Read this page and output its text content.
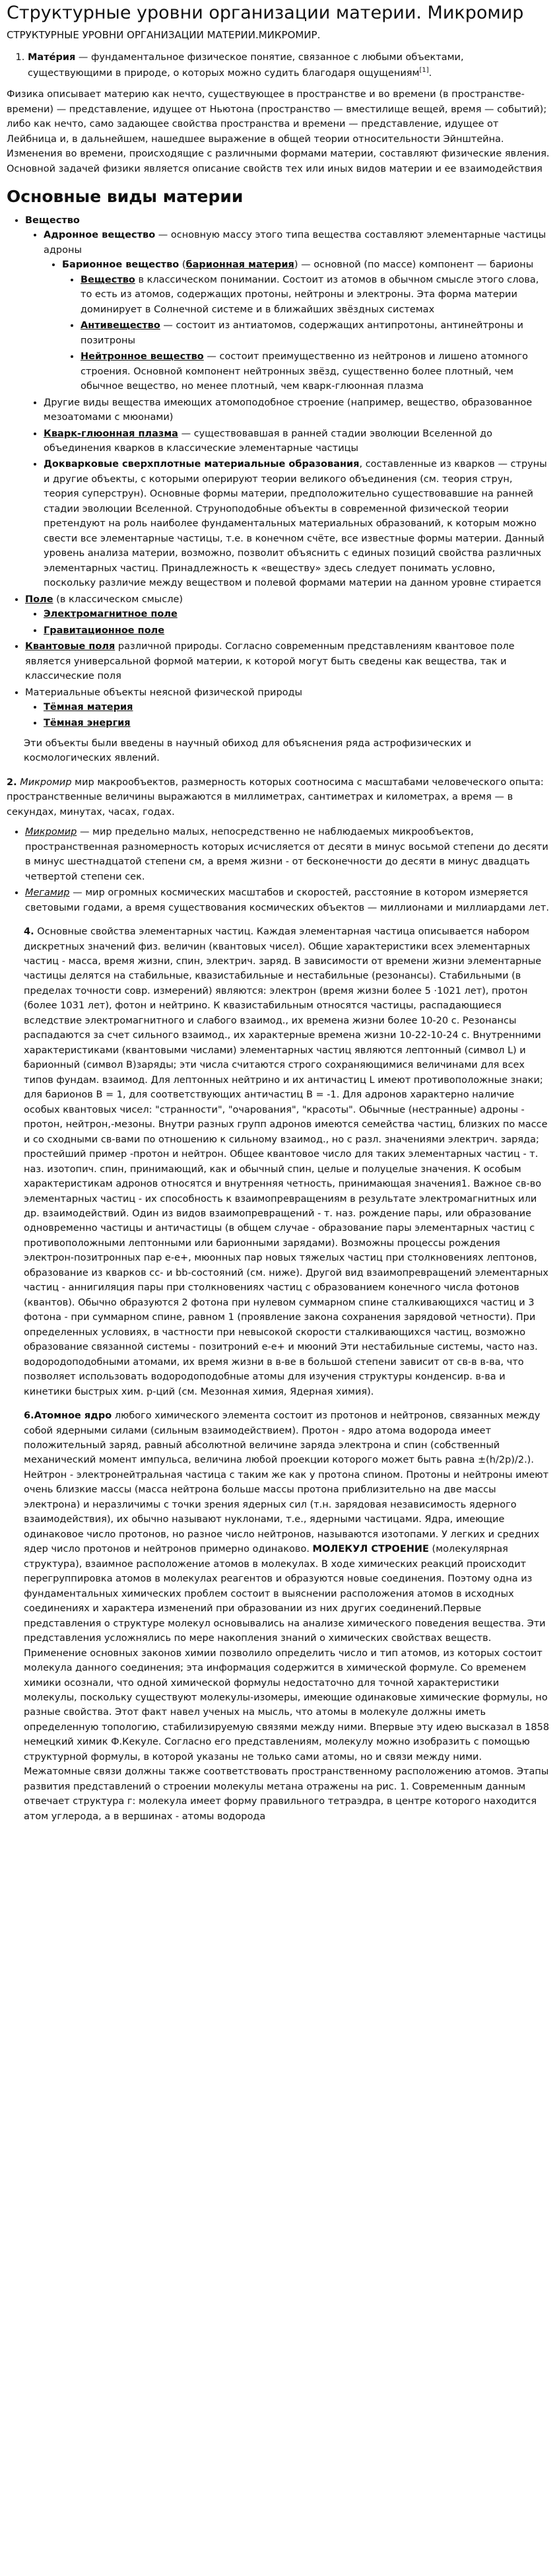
Структурные уровни организации материи. Микромир
СТРУКТУРНЫЕ УРОВНИ ОРГАНИЗАЦИИ МАТЕРИИ.МИКРОМИР.
1. Мате́рия — фундаментальное физическое понятие, связанное с любыми объектами, существующими в природе, о которых можно судить благодаря ощущениям[1].

Физика описывает материю как нечто, существующее в пространстве и во времени (в пространстве-времени) — представление, идущее от Ньютона (пространство — вместилище вещей, время — событий); либо как нечто, само задающее свойства пространства и времени — представление, идущее от Лейбница и, в дальнейшем, нашедшее выражение в общей теории относительности Эйнштейна. Изменения во времени, происходящие с различными формами материи, составляют физические явления. Основной задачей физики является описание свойств тех или иных видов материи и ее взаимодействия

Основные виды материи
• Вещество
• Адронное вещество — основную массу этого типа вещества составляют элементарные частицы адроны
• Барионное вещество (барионная материя) — основной (по массе) компонент — барионы
• Вещество в классическом понимании. Состоит из атомов в обычном смысле этого слова, то есть из атомов, содержащих протоны, нейтроны и электроны. Эта форма материи доминирует в Солнечной системе и в ближайших звёздных системах
• Антивещество — состоит из антиатомов, содержащих антипротоны, антинейтроны и позитроны
• Нейтронное вещество — состоит преимущественно из нейтронов и лишено атомного строения. Основной компонент нейтронных звёзд, существенно более плотный, чем обычное вещество, но менее плотный, чем кварк-глюонная плазма
• Другие виды вещества имеющих атомоподобное строение (например, вещество, образованное мезоатомами с мюонами)
• Кварк-глюонная плазма — существовавшая в ранней стадии эволюции Вселенной до объединения кварков в классические элементарные частицы
• Докварковые сверхплотные материальные образования, составленные из кварков — струны и другие объекты, с которыми оперируют теории великого объединения (см. теория струн, теория суперструн). Основные формы материи, предположительно существовавшие на ранней стадии эволюции Вселенной. Струноподобные объекты в современной физической теории претендуют на роль наиболее фундаментальных материальных образований, к которым можно свести все элементарные частицы, т.е. в конечном счёте, все известные формы материи. Данный уровень анализа материи, возможно, позволит объяснить с единых позиций свойства различных элементарных частиц. Принадлежность к «веществу» здесь следует понимать условно, поскольку различие между веществом и полевой формами материи на данном уровне стирается
• Поле (в классическом смысле)
• Электромагнитное поле
• Гравитационное поле
• Квантовые поля различной природы. Согласно современным представлениям квантовое поле является универсальной формой материи, к которой могут быть сведены как вещества, так и классические поля
• Материальные объекты неясной физической природы
• Тёмная материя
• Тёмная энергия

Эти объекты были введены в научный обиход для объяснения ряда астрофизических и космологических явлений.

2. Микромир мир макрообъектов, размерность которых соотносима с масштабами человеческого опыта: пространственные величины выражаются в миллиметрах, сантиметрах и километрах, а время — в секундах, минутах, часах, годах.

• Микромир — мир предельно малых, непосредственно не наблюдаемых микрообъектов, пространственная разномерность которых исчисляется от десяти в минус восьмой степени до десяти в минус шестнадцатой степени см, а время жизни - от бесконечности до десяти в минус двадцать четвертой степени сек.
• Мегамир — мир огромных космических масштабов и скоростей, расстояние в котором измеряется световыми годами, а время существования космических объектов — миллионами и миллиардами лет.

4. Основные свойства элементарных частиц. Каждая элементарная частица описывается набором дискретных значений физ. величин (квантовых чисел). Общие характеристики всех элементарных частиц - масса, время жизни, спин, электрич. заряд. В зависимости от времени жизни элементарные частицы делятся на стабильные, квазистабильные и нестабильные (резонансы). Стабильными (в пределах точности совр. измерений) являются: электрон (время жизни более 5 ·1021 лет), протон (более 1031 лет), фотон и нейтрино. К квазистабильным относятся частицы, распадающиеся вследствие электромагнитного и слабого взаимод., их времена жизни более 10-20 с. Резонансы распадаются за счет сильного взаимод., их характерные времена жизни 10-22-10-24 с. Внутренними характеристиками (квантовыми числами) элементарных частиц являются лептонный (символ L) и барионный (символ В)заряды; эти числа считаются строго сохраняющимися величинами для всех типов фундам. взаимод. Для лептонных нейтрино и их античастиц L имеют противоположные знаки; для барионов В = 1, для соответствующих античастиц В = -1. Для адронов характерно наличие особых квантовых чисел: "странности", "очарования", "красоты". Обычные (нестранные) адроны - протон, нейтрон,-мезоны. Внутри разных групп адронов имеются семейства частиц, близких по массе и со сходными св-вами по отношению к сильному взаимод., но с разл. значениями электрич. заряда; простейший пример -протон и нейтрон. Общее квантовое число для таких элементарных частиц - т. наз. изотопич. спин, принимающий, как и обычный спин, целые и полуцелые значения. К особым характеристикам адронов относятся и внутренняя четность, принимающая значения1. Важное св-во элементарных частиц - их способность к взаимопревращениям в результате электромагнитных или др. взаимодействий. Один из видов взаимопревращений - т. наз. рождение пары, или образование одновременно частицы и античастицы (в общем случае - образование пары элементарных частиц с противоположными лептонными или барионными зарядами). Возможны процессы рождения электрон-позитронных пар е-е+, мюонных пар новых тяжелых частиц при столкновениях лептонов, образование из кварков сс- и bb-состояний (см. ниже). Другой вид взаимопревращений элементарных частиц - аннигиляция пары при столкновениях частиц с образованием конечного числа фотонов (квантов). Обычно образуются 2 фотона при нулевом суммарном спине сталкивающихся частиц и 3 фотона - при суммарном спине, равном 1 (проявление закона сохранения зарядовой четности). При определенных условиях, в частности при невысокой скорости сталкивающихся частиц, возможно образование связанной системы - позитроний е-е+ и мюоний Эти нестабильные системы, часто наз. водородоподобными атомами, их время жизни в в-ве в большой степени зависит от св-в в-ва, что позволяет использовать водородоподобные атомы для изучения структуры конденсир. в-ва и кинетики быстрых хим. р-ций (см. Мезонная химия, Ядерная химия).

6.Атомное ядро любого химического элемента состоит из протонов и нейтронов, связанных между собой ядерными силами (сильным взаимодействием). Протон - ядро атома водорода имеет положительный заряд, равный абсолютной величине заряда электрона и спин (собственный механический момент импульса, величина любой проекции которого может быть равна ±(h/2p)/2.). Нейтрон - электронейтральная частица с таким же как у протона спином. Протоны и нейтроны имеют очень близкие массы (масса нейтрона больше массы протона приблизительно на две массы электрона) и неразличимы с точки зрения ядерных сил (т.н. зарядовая независимость ядерного взаимодействия), их обычно называют нуклонами, т.е., ядерными частицами. Ядра, имеющие одинаковое число протонов, но разное число нейтронов, называются изотопами. У легких и средних ядер число протонов и нейтронов примерно одинаково. МОЛЕКУЛ СТРОЕНИЕ (молекулярная структура), взаимное расположение атомов в молекулах. В ходе химических реакций происходит перегруппировка атомов в молекулах реагентов и образуются новые соединения. Поэтому одна из фундаментальных химических проблем состоит в выяснении расположения атомов в исходных соединениях и характера изменений при образовании из них других соединений.Первые представления о структуре молекул основывались на анализе химического поведения вещества. Эти представления усложнялись по мере накопления знаний о химических свойствах веществ. Применение основных законов химии позволило определить число и тип атомов, из которых состоит молекула данного соединения; эта информация содержится в химической формуле. Со временем химики осознали, что одной химической формулы недостаточно для точной характеристики молекулы, поскольку существуют молекулы-изомеры, имеющие одинаковые химические формулы, но разные свойства. Этот факт навел ученых на мысль, что атомы в молекуле должны иметь определенную топологию, стабилизируемую связями между ними. Впервые эту идею высказал в 1858 немецкий химик Ф.Кекуле. Согласно его представлениям, молекулу можно изобразить с помощью структурной формулы, в которой указаны не только сами атомы, но и связи между ними. Межатомные связи должны также соответствовать пространственному расположению атомов. Этапы развития представлений о строении молекулы метана отражены на рис. 1. Современным данным отвечает структура г: молекула имеет форму правильного тетраэдра, в центре которого находится атом углерода, а в вершинах - атомы водорода
